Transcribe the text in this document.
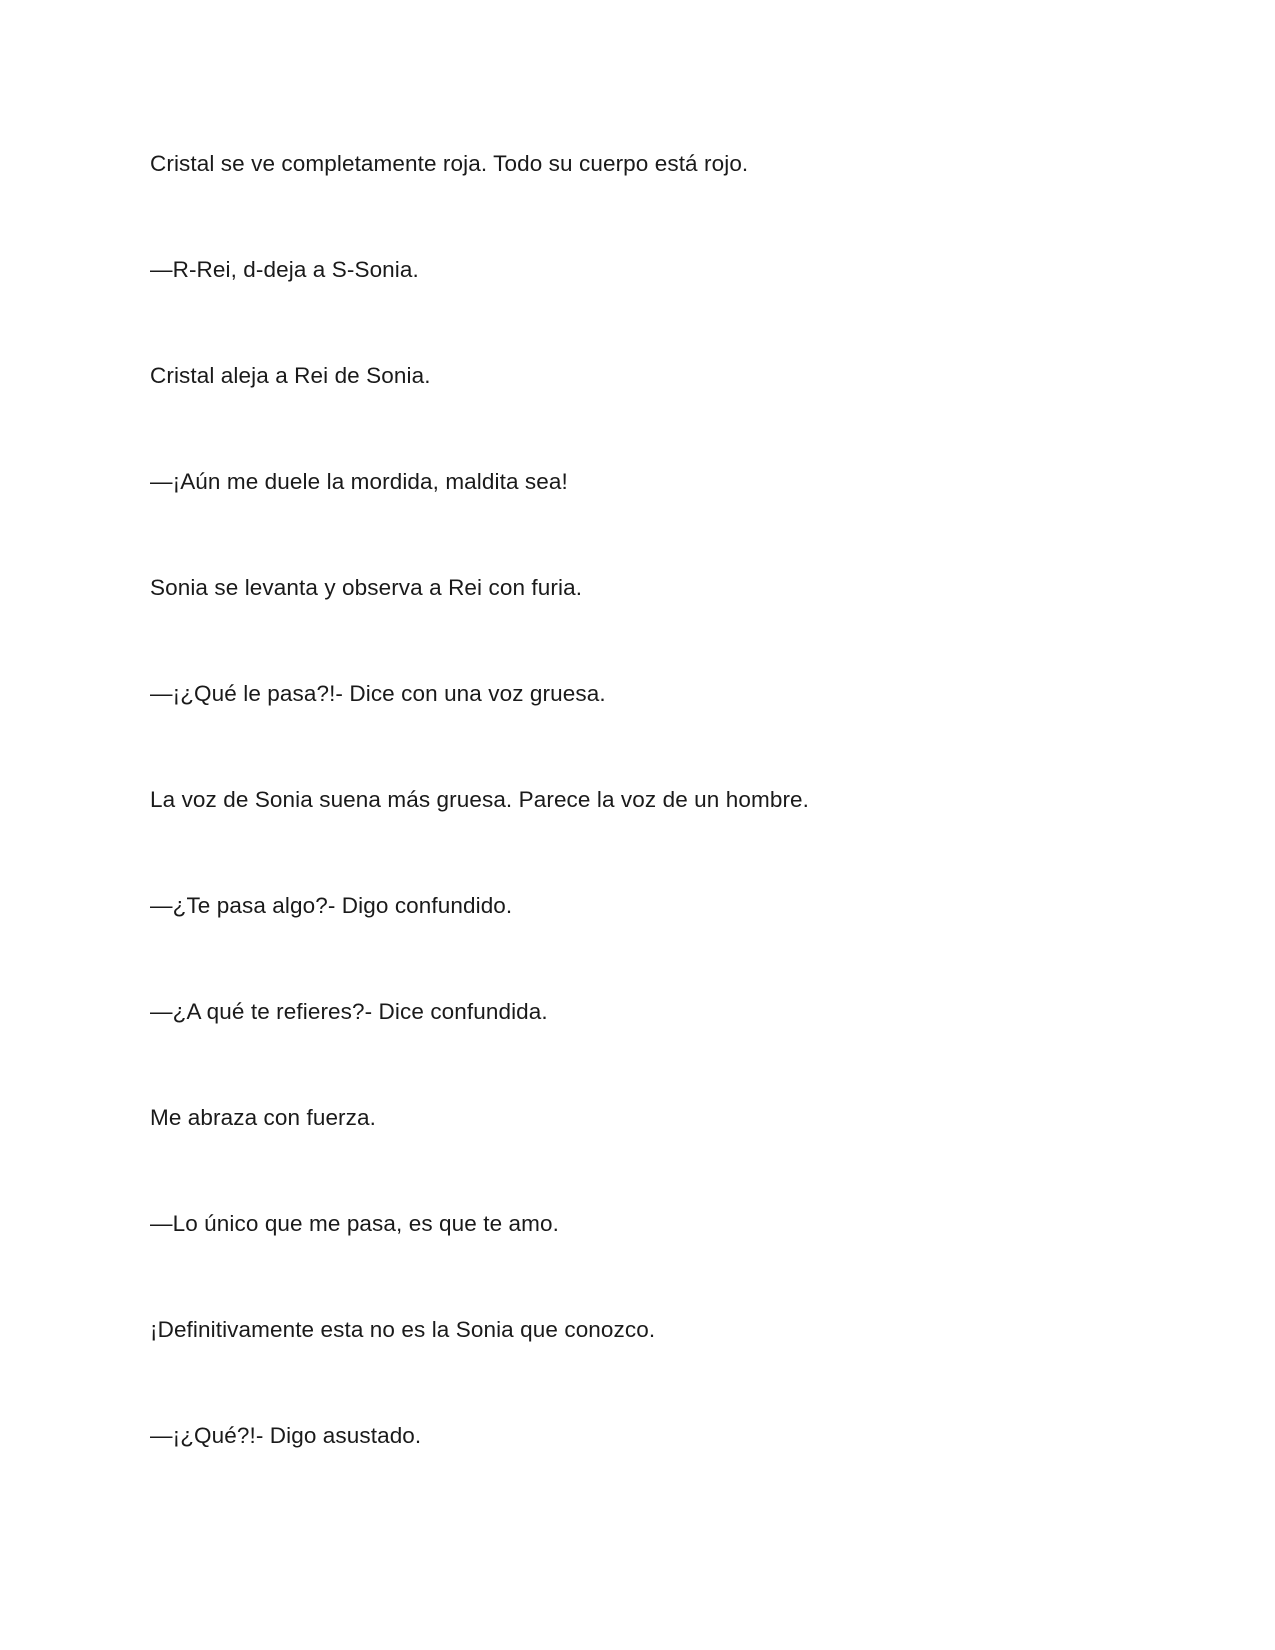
Cristal se ve completamente roja. Todo su cuerpo está rojo.

—R-Rei, d-deja a S-Sonia.

Cristal aleja a Rei de Sonia.

—¡Aún me duele la mordida, maldita sea!

Sonia se levanta y observa a Rei con furia.

—¡¿Qué le pasa?!- Dice con una voz gruesa.

La voz de Sonia suena más gruesa. Parece la voz de un hombre.

—¿Te pasa algo?- Digo confundido.

—¿A qué te refieres?- Dice confundida.

Me abraza con fuerza.

—Lo único que me pasa, es que te amo.

¡Definitivamente esta no es la Sonia que conozco.

—¡¿Qué?!- Digo asustado.
